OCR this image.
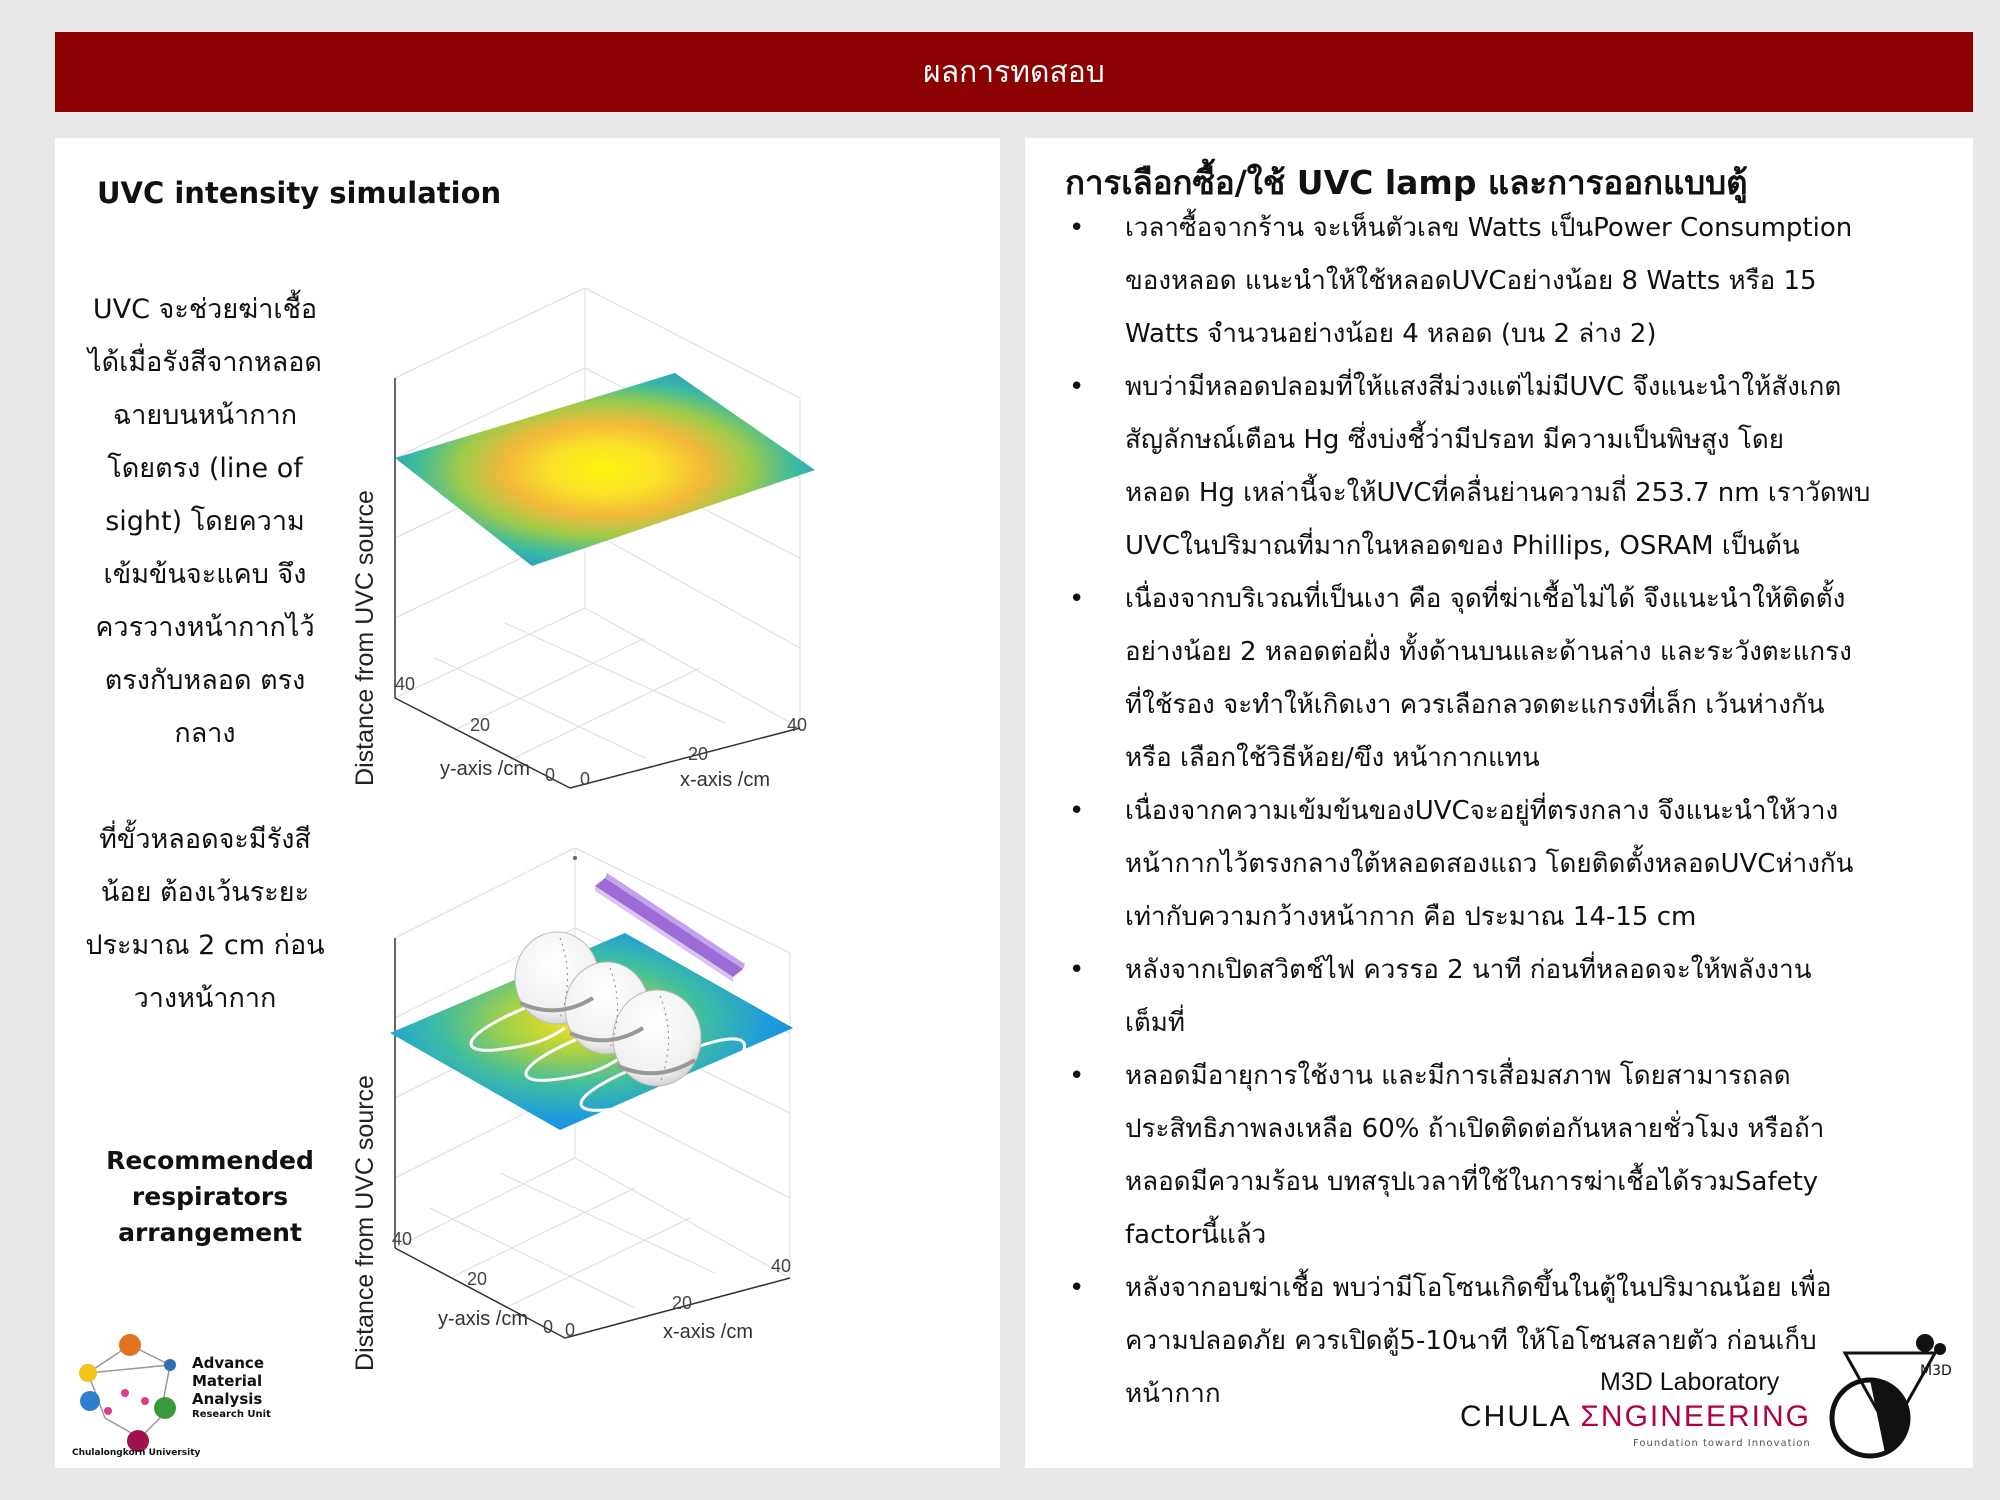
ผลการทดสอบ
UVC intensity simulation
UVC จะช่วยฆ่าเชื้อ
ได้เมื่อรังสีจากหลอด
ฉายบนหน้ากาก
โดยตรง (line of
sight) โดยความ
เข้มข้นจะแคบ จึง
ควรวางหน้ากากไว้
ตรงกับหลอด ตรง
กลาง
ที่ขั้วหลอดจะมีรังสี
น้อย ต้องเว้นระยะ
ประมาณ 2 cm ก่อน
วางหน้ากาก
Recommended
respirators
arrangement
Distance from UVC source 40
20
0 0
20
40
y-axis /cm	x-axis /cm
Distance from UVC source 40
20
0 0
20
40
y-axis /cm
x-axis /cm
Advance
Material
Analysis
Research Unit
Chulalongkorn University
การเลือกซื้อ/ใช้ UVC lamp และการออกแบบตู้
• เวลาซื้อจากร้าน จะเห็นตัวเลข Watts เป็นPower Consumption
ของหลอด แนะนำให้ใช้หลอดUVCอย่างน้อย 8 Watts หรือ 15
Watts จำนวนอย่างน้อย 4 หลอด (บน 2 ล่าง 2)
• พบว่ามีหลอดปลอมที่ให้แสงสีม่วงแต่ไม่มีUVC จึงแนะนำให้สังเกต
สัญลักษณ์เตือน Hg ซึ่งบ่งชี้ว่ามีปรอท มีความเป็นพิษสูง โดย
หลอด Hg เหล่านี้จะให้UVCที่คลื่นย่านความถี่ 253.7 nm เราวัดพบ
UVCในปริมาณที่มากในหลอดของ Phillips, OSRAM เป็นต้น
• เนื่องจากบริเวณที่เป็นเงา คือ จุดที่ฆ่าเชื้อไม่ได้ จึงแนะนำให้ติดตั้ง
อย่างน้อย 2 หลอดต่อฝั่ง ทั้งด้านบนและด้านล่าง และระวังตะแกรง
ที่ใช้รอง จะทำให้เกิดเงา ควรเลือกลวดตะแกรงที่เล็ก เว้นห่างกัน
หรือ เลือกใช้วิธีห้อย/ขึง หน้ากากแทน
• เนื่องจากความเข้มข้นของUVCจะอยู่ที่ตรงกลาง จึงแนะนำให้วาง
หน้ากากไว้ตรงกลางใต้หลอดสองแถว โดยติดตั้งหลอดUVCห่างกัน
เท่ากับความกว้างหน้ากาก คือ ประมาณ 14-15 cm
• หลังจากเปิดสวิตช์ไฟ ควรรอ 2 นาที ก่อนที่หลอดจะให้พลังงาน
เต็มที่
• หลอดมีอายุการใช้งาน และมีการเสื่อมสภาพ โดยสามารถลด
ประสิทธิภาพลงเหลือ 60% ถ้าเปิดติดต่อกันหลายชั่วโมง หรือถ้า
หลอดมีความร้อน บทสรุปเวลาที่ใช้ในการฆ่าเชื้อได้รวมSafety
factorนี้แล้ว
• หลังจากอบฆ่าเชื้อ พบว่ามีโอโซนเกิดขึ้นในตู้ในปริมาณน้อย เพื่อ
ความปลอดภัย ควรเปิดตู้5-10นาที ให้โอโซนสลายตัว ก่อนเก็บ
หน้ากาก	M3D Laboratory
CHULA ΣNGINEERING
Foundation toward Innovation
M3D
